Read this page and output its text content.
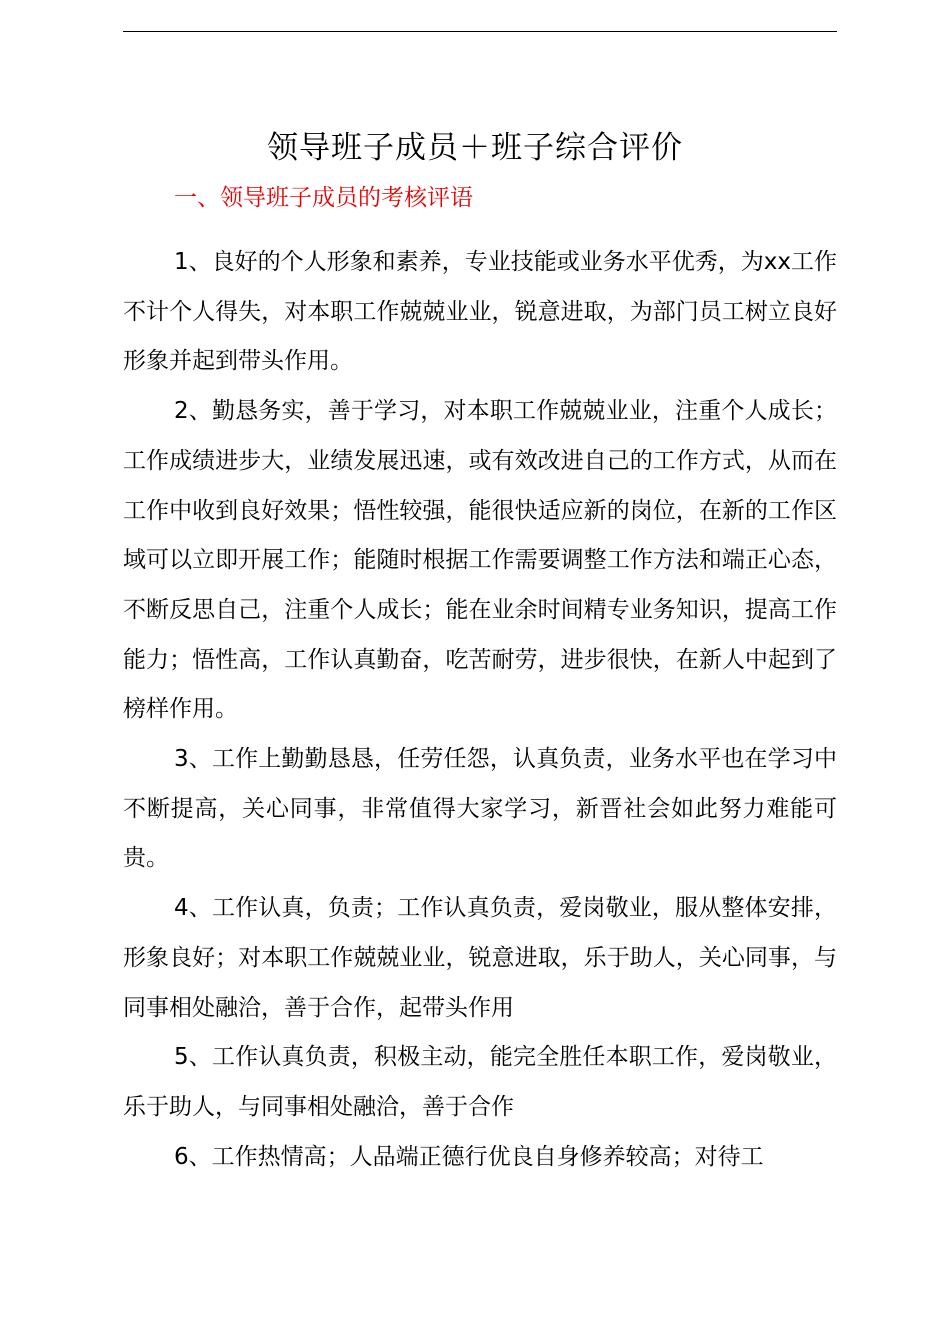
领导班子成员＋班子综合评价
一、领导班子成员的考核评语

1、良好的个人形象和素养，专业技能或业务水平优秀，为xx工作不计个人得失，对本职工作兢兢业业，锐意进取，为部门员工树立良好形象并起到带头作用。

2、勤恳务实，善于学习，对本职工作兢兢业业，注重个人成长；工作成绩进步大，业绩发展迅速，或有效改进自己的工作方式，从而在工作中收到良好效果；悟性较强，能很快适应新的岗位，在新的工作区域可以立即开展工作；能随时根据工作需要调整工作方法和端正心态，不断反思自己，注重个人成长；能在业余时间精专业务知识，提高工作能力；悟性高，工作认真勤奋，吃苦耐劳，进步很快，在新人中起到了榜样作用。

3、工作上勤勤恳恳，任劳任怨，认真负责，业务水平也在学习中不断提高，关心同事，非常值得大家学习，新晋社会如此努力难能可贵。

4、工作认真，负责；工作认真负责，爱岗敬业，服从整体安排，形象良好；对本职工作兢兢业业，锐意进取，乐于助人，关心同事，与同事相处融洽，善于合作，起带头作用

5、工作认真负责，积极主动，能完全胜任本职工作，爱岗敬业，乐于助人，与同事相处融洽，善于合作

6、工作热情高；人品端正德行优良自身修养较高；对待工
